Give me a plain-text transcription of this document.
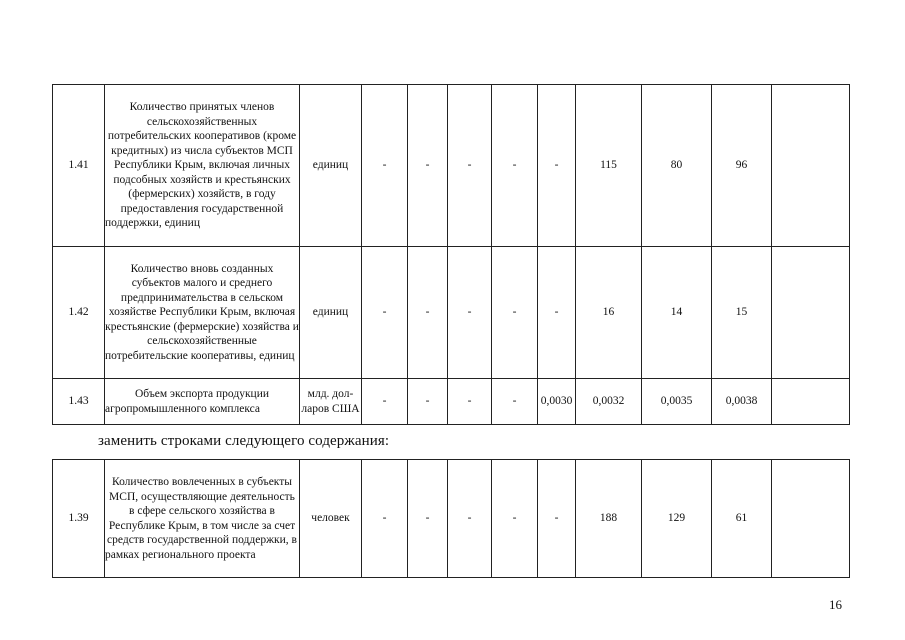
1.41	Количество принятых членов сельскохозяйственных потребительских кооперативов (кроме кредитных) из числа субъектов МСП Республики Крым, включая личных подсобных хозяйств и крестьянских (фермерских) хозяйств, в году предоставления государственной поддержки, единиц	единиц	-	-	-	-	-	115	80	96	
1.42	Количество вновь созданных субъектов малого и среднего предпринимательства в сельском хозяйстве Республики Крым, включая крестьянские (фермерские) хозяйства и сельскохозяйственные потребительские кооперативы, единиц	единиц	-	-	-	-	-	16	14	15	
1.43	Объем экспорта продукции агропромышленного комплекса	млд. дол-ларов США	-	-	-	-	0,0030	0,0032	0,0035	0,0038	
заменить строками следующего содержания:
1.39	Количество вовлеченных в субъекты МСП, осуществляющие деятельность в сфере сельского хозяйства в Республике Крым, в том числе за счет средств государственной поддержки, в рамках регионального проекта	человек	-	-	-	-	-	188	129	61	
16
